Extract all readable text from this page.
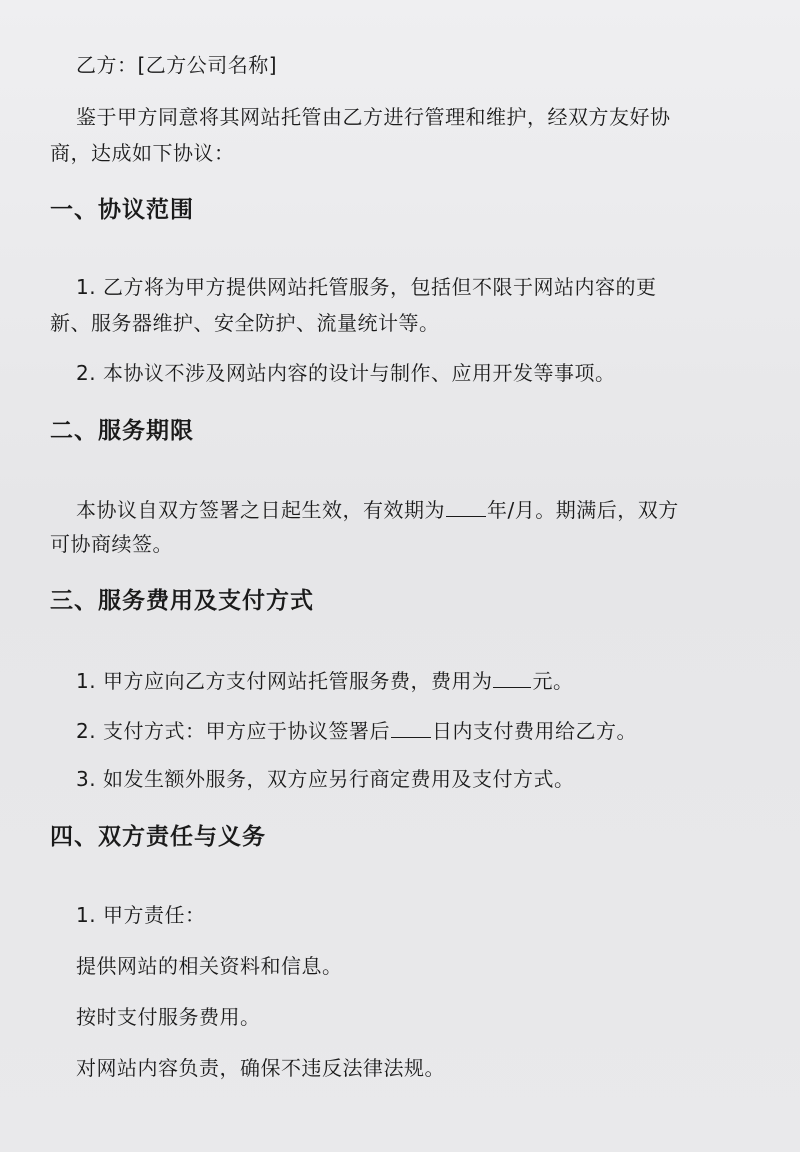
乙方：[乙方公司名称]
鉴于甲方同意将其网站托管由乙方进行管理和维护，经双方友好协
商，达成如下协议：
一、协议范围
1. 乙方将为甲方提供网站托管服务，包括但不限于网站内容的更
新、服务器维护、安全防护、流量统计等。
2. 本协议不涉及网站内容的设计与制作、应用开发等事项。
二、服务期限
本协议自双方签署之日起生效，有效期为 年/月。期满后，双方
可协商续签。
三、服务费用及支付方式
1. 甲方应向乙方支付网站托管服务费，费用为 元。
2. 支付方式：甲方应于协议签署后 日内支付费用给乙方。
3. 如发生额外服务，双方应另行商定费用及支付方式。
四、双方责任与义务
1. 甲方责任：
提供网站的相关资料和信息。
按时支付服务费用。
对网站内容负责，确保不违反法律法规。
